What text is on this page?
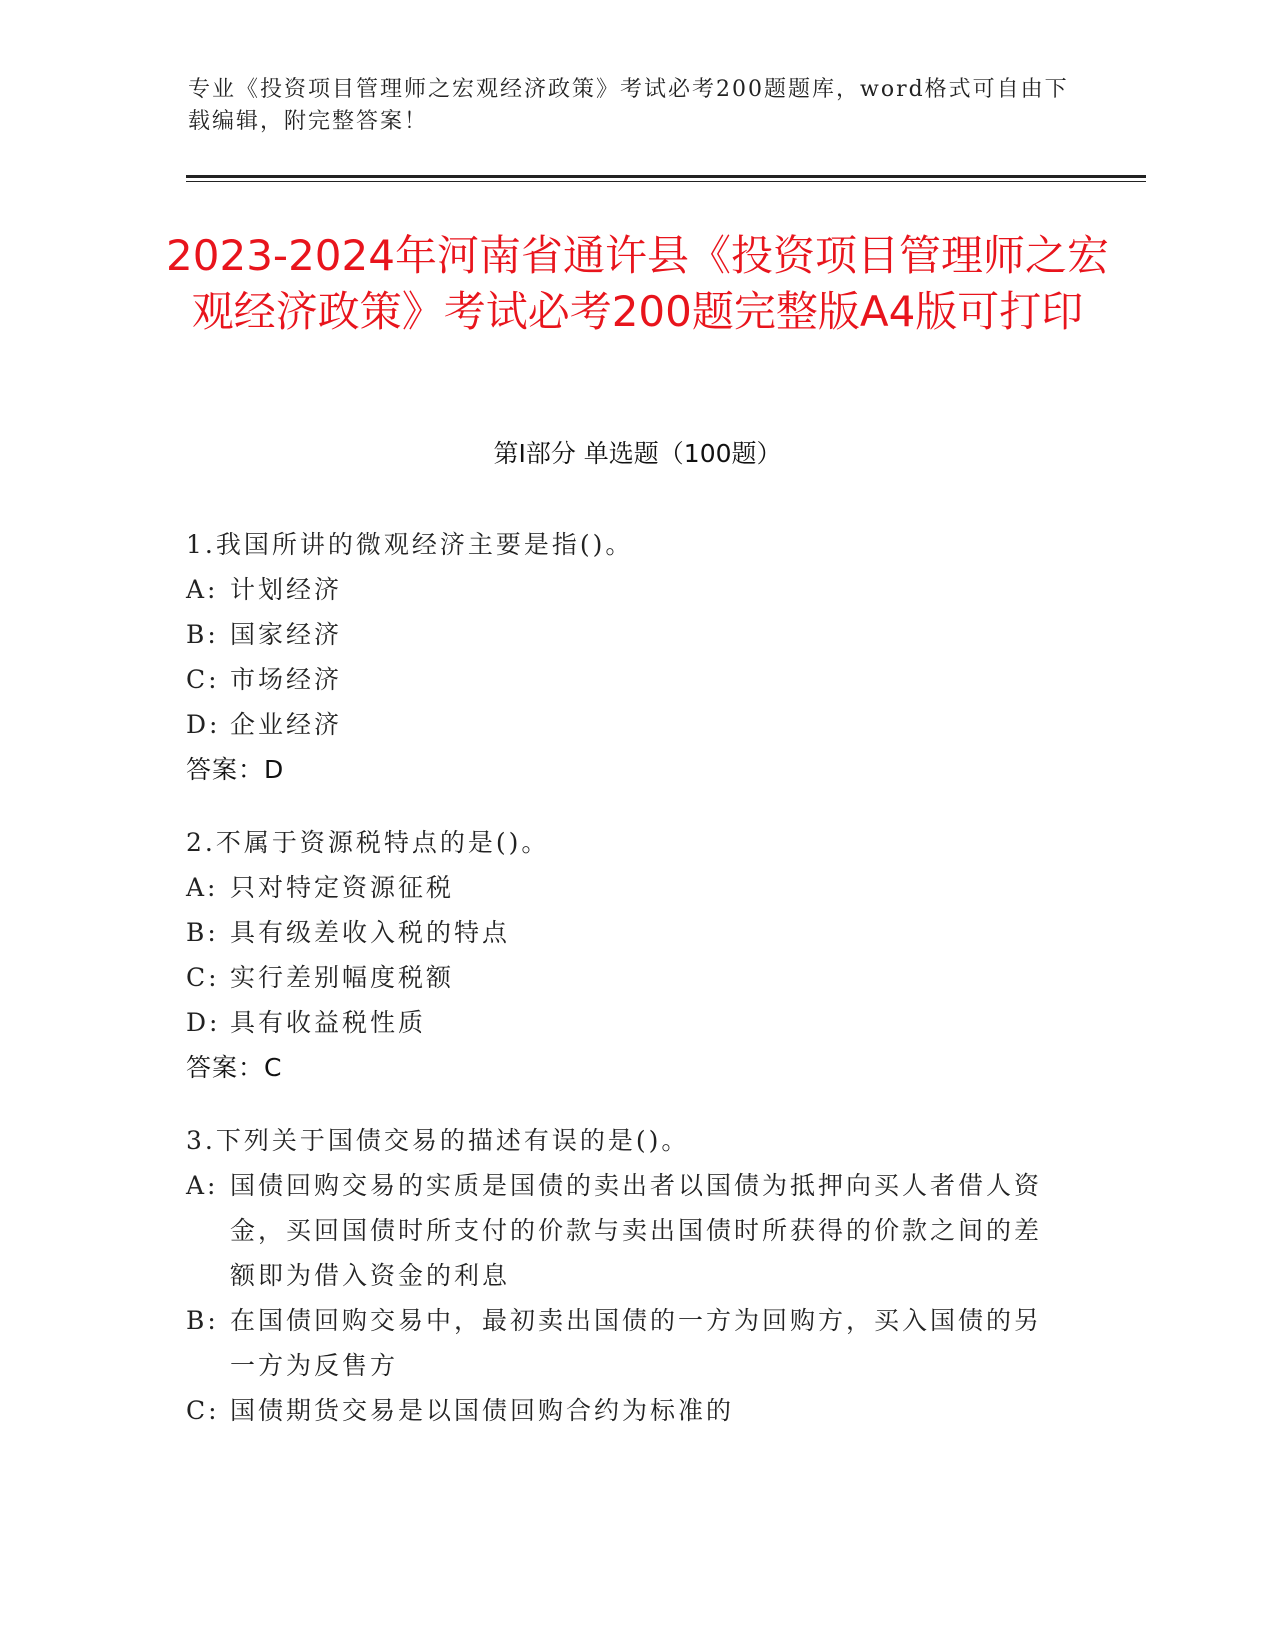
专业《投资项目管理师之宏观经济政策》考试必考200题题库，word格式可自由下载编辑，附完整答案！
2023-2024年河南省通许县《投资项目管理师之宏观经济政策》考试必考200题完整版A4版可打印
第Ⅰ部分 单选题（100题）
1.我国所讲的微观经济主要是指()。
A: 计划经济
B: 国家经济
C: 市场经济
D: 企业经济
答案：D
2.不属于资源税特点的是()。
A: 只对特定资源征税
B: 具有级差收入税的特点
C: 实行差别幅度税额
D: 具有收益税性质
答案：C
3.下列关于国债交易的描述有误的是()。
A: 国债回购交易的实质是国债的卖出者以国债为抵押向买人者借人资金，买回国债时所支付的价款与卖出国债时所获得的价款之间的差额即为借入资金的利息
B: 在国债回购交易中，最初卖出国债的一方为回购方，买入国债的另一方为反售方
C: 国债期货交易是以国债回购合约为标准的
